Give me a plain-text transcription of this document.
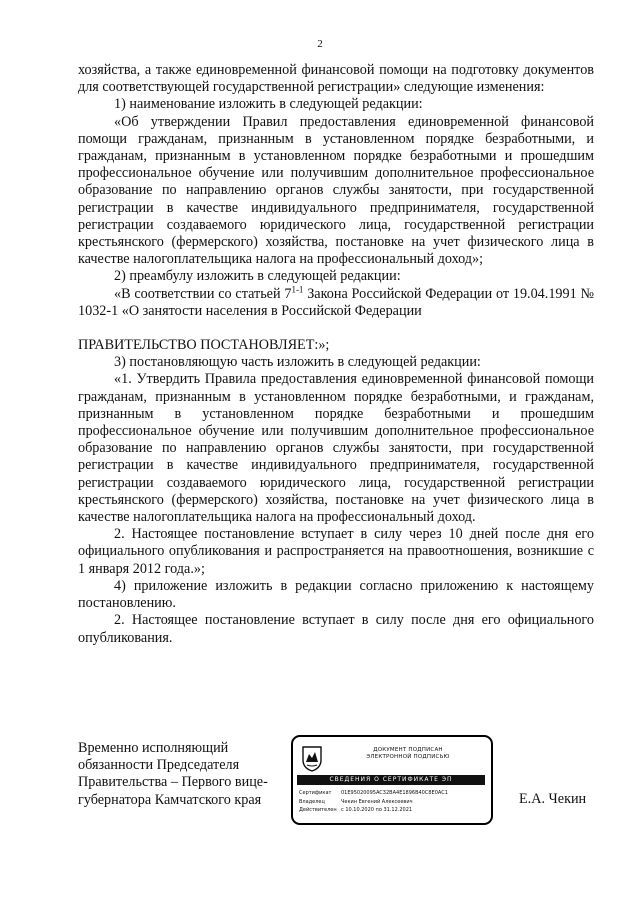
2

хозяйства, а также единовременной финансовой помощи на подготовку документов для соответствующей государственной регистрации» следующие изменения:

1) наименование изложить в следующей редакции:

«Об утверждении Правил предоставления единовременной финансовой помощи гражданам, признанным в установленном порядке безработными, и гражданам, признанным в установленном порядке безработными и прошедшим профессиональное обучение или получившим дополнительное профессиональное образование по направлению органов службы занятости, при государственной регистрации в качестве индивидуального предпринимателя, государственной регистрации создаваемого юридического лица, государственной регистрации крестьянского (фермерского) хозяйства, постановке на учет физического лица в качестве налогоплательщика налога на профессиональный доход»;

2) преамбулу изложить в следующей редакции:

«В соответствии со статьей 7$^{1-1}$ Закона Российской Федерации от 19.04.1991 № 1032-1 «О занятости населения в Российской Федерации

ПРАВИТЕЛЬСТВО ПОСТАНОВЛЯЕТ:»;

3) постановляющую часть изложить в следующей редакции:

«1. Утвердить Правила предоставления единовременной финансовой помощи гражданам, признанным в установленном порядке безработными, и гражданам, признанным в установленном порядке безработными и прошедшим профессиональное обучение или получившим дополнительное профессиональное образование по направлению органов службы занятости, при государственной регистрации в качестве индивидуального предпринимателя, государственной регистрации создаваемого юридического лица, государственной регистрации крестьянского (фермерского) хозяйства, постановке на учет физического лица в качестве налогоплательщика налога на профессиональный доход.

2. Настоящее постановление вступает в силу через 10 дней после дня его официального опубликования и распространяется на правоотношения, возникшие с 1 января 2012 года.»;

4) приложение изложить в редакции согласно приложению к настоящему постановлению.

2. Настоящее постановление вступает в силу после дня его официального опубликования.

Временно исполняющий
обязанности Председателя
Правительства – Первого вице-
губернатора Камчатского края
ДОКУМЕНТ ПОДПИСАН
ЭЛЕКТРОННОЙ ПОДПИСЬЮ
СВЕДЕНИЯ О СЕРТИФИКАТЕ ЭП
Сертификат	01E95020095AC32BA4E1896B40C8E0AC1
Владелец	Чекин Евгений Алексеевич
Действителен с 10.10.2020 по 31.12.2021
Е.А. Чекин
